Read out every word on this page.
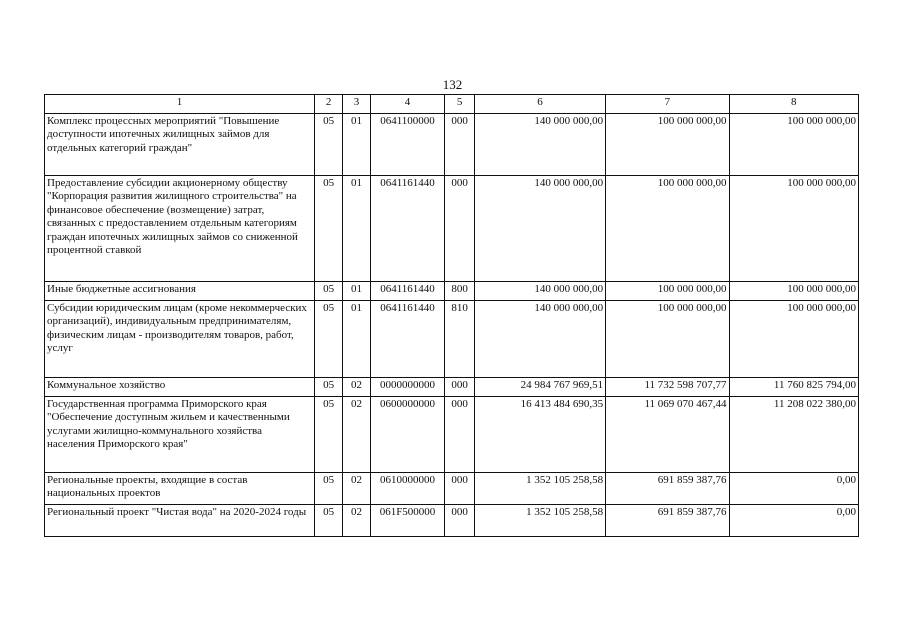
132
1	2	3	4	5	6	7	8
Комплекс процессных мероприятий "Повышение доступности ипотечных жилищных займов для отдельных категорий граждан"	05	01	0641100000	000	140 000 000,00	100 000 000,00	100 000 000,00
Предоставление субсидии акционерному обществу "Корпорация развития жилищного строительства" на финансовое обеспечение (возмещение) затрат, связанных с предоставлением отдельным категориям граждан ипотечных жилищных займов со сниженной процентной ставкой	05	01	0641161440	000	140 000 000,00	100 000 000,00	100 000 000,00
Иные бюджетные ассигнования	05	01	0641161440	800	140 000 000,00	100 000 000,00	100 000 000,00
Субсидии юридическим лицам (кроме некоммерческих организаций), индивидуальным предпринимателям, физическим лицам - производителям товаров, работ, услуг	05	01	0641161440	810	140 000 000,00	100 000 000,00	100 000 000,00
Коммунальное хозяйство	05	02	0000000000	000	24 984 767 969,51	11 732 598 707,77	11 760 825 794,00
Государственная программа Приморского края "Обеспечение доступным жильем и качественными услугами жилищно-коммунального хозяйства населения Приморского края"	05	02	0600000000	000	16 413 484 690,35	11 069 070 467,44	11 208 022 380,00
Региональные проекты, входящие в состав национальных проектов	05	02	0610000000	000	1 352 105 258,58	691 859 387,76	0,00
Региональный проект "Чистая вода" на 2020-2024 годы	05	02	061F500000	000	1 352 105 258,58	691 859 387,76	0,00
